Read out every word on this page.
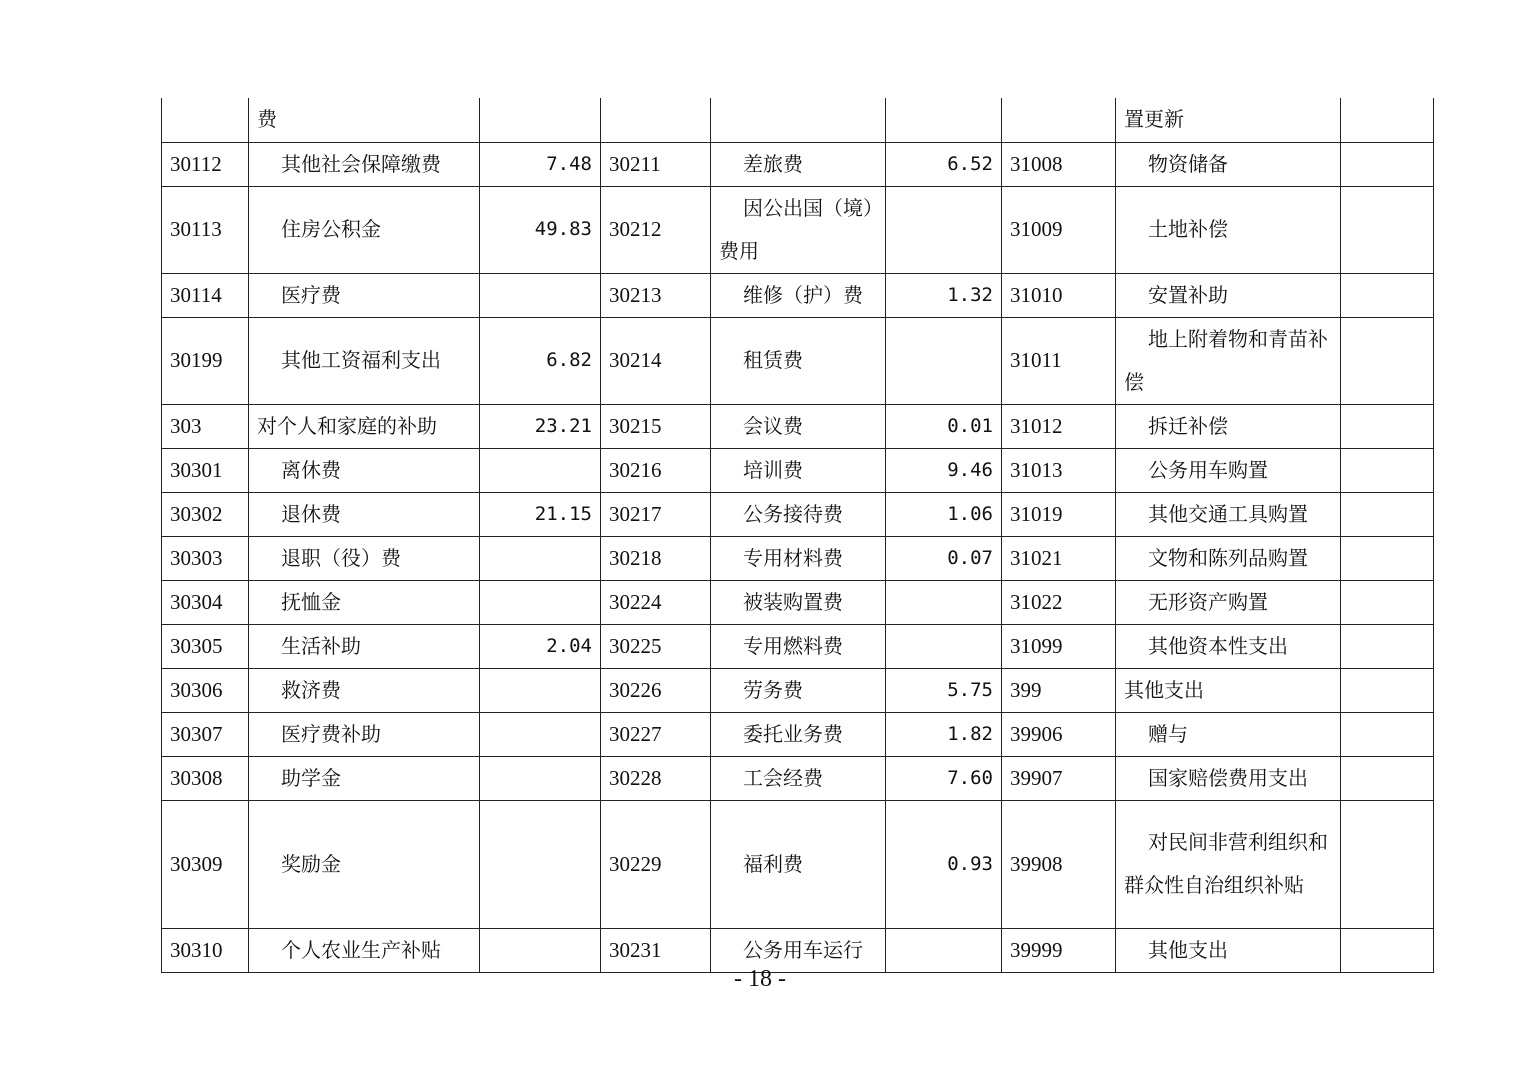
	费						置更新	
30112	其他社会保障缴费	7.48	30211	差旅费	6.52	31008	物资储备	
30113	住房公积金	49.83	30212	因公出国（境）费用		31009	土地补偿	
30114	医疗费		30213	维修（护）费	1.32	31010	安置补助	
30199	其他工资福利支出	6.82	30214	租赁费		31011	地上附着物和青苗补偿	

303	对个人和家庭的补助	23.21	30215	会议费	0.01	31012	拆迁补偿	
30301	离休费		30216	培训费	9.46	31013	公务用车购置	
30302	退休费	21.15	30217	公务接待费	1.06	31019	其他交通工具购置	
30303	退职（役）费		30218	专用材料费	0.07	31021	文物和陈列品购置	
30304	抚恤金		30224	被装购置费		31022	无形资产购置	
30305	生活补助	2.04	30225	专用燃料费		31099	其他资本性支出	
30306	救济费		30226	劳务费	5.75	399	其他支出	
30307	医疗费补助		30227	委托业务费	1.82	39906	赠与	
30308	助学金		30228	工会经费	7.60	39907	国家赔偿费用支出	
30309	奖励金		30229	福利费	0.93	39908	对民间非营利组织和群众性自治组织补贴	

30310	个人农业生产补贴		30231	公务用车运行		39999	其他支出	
- 18 -
